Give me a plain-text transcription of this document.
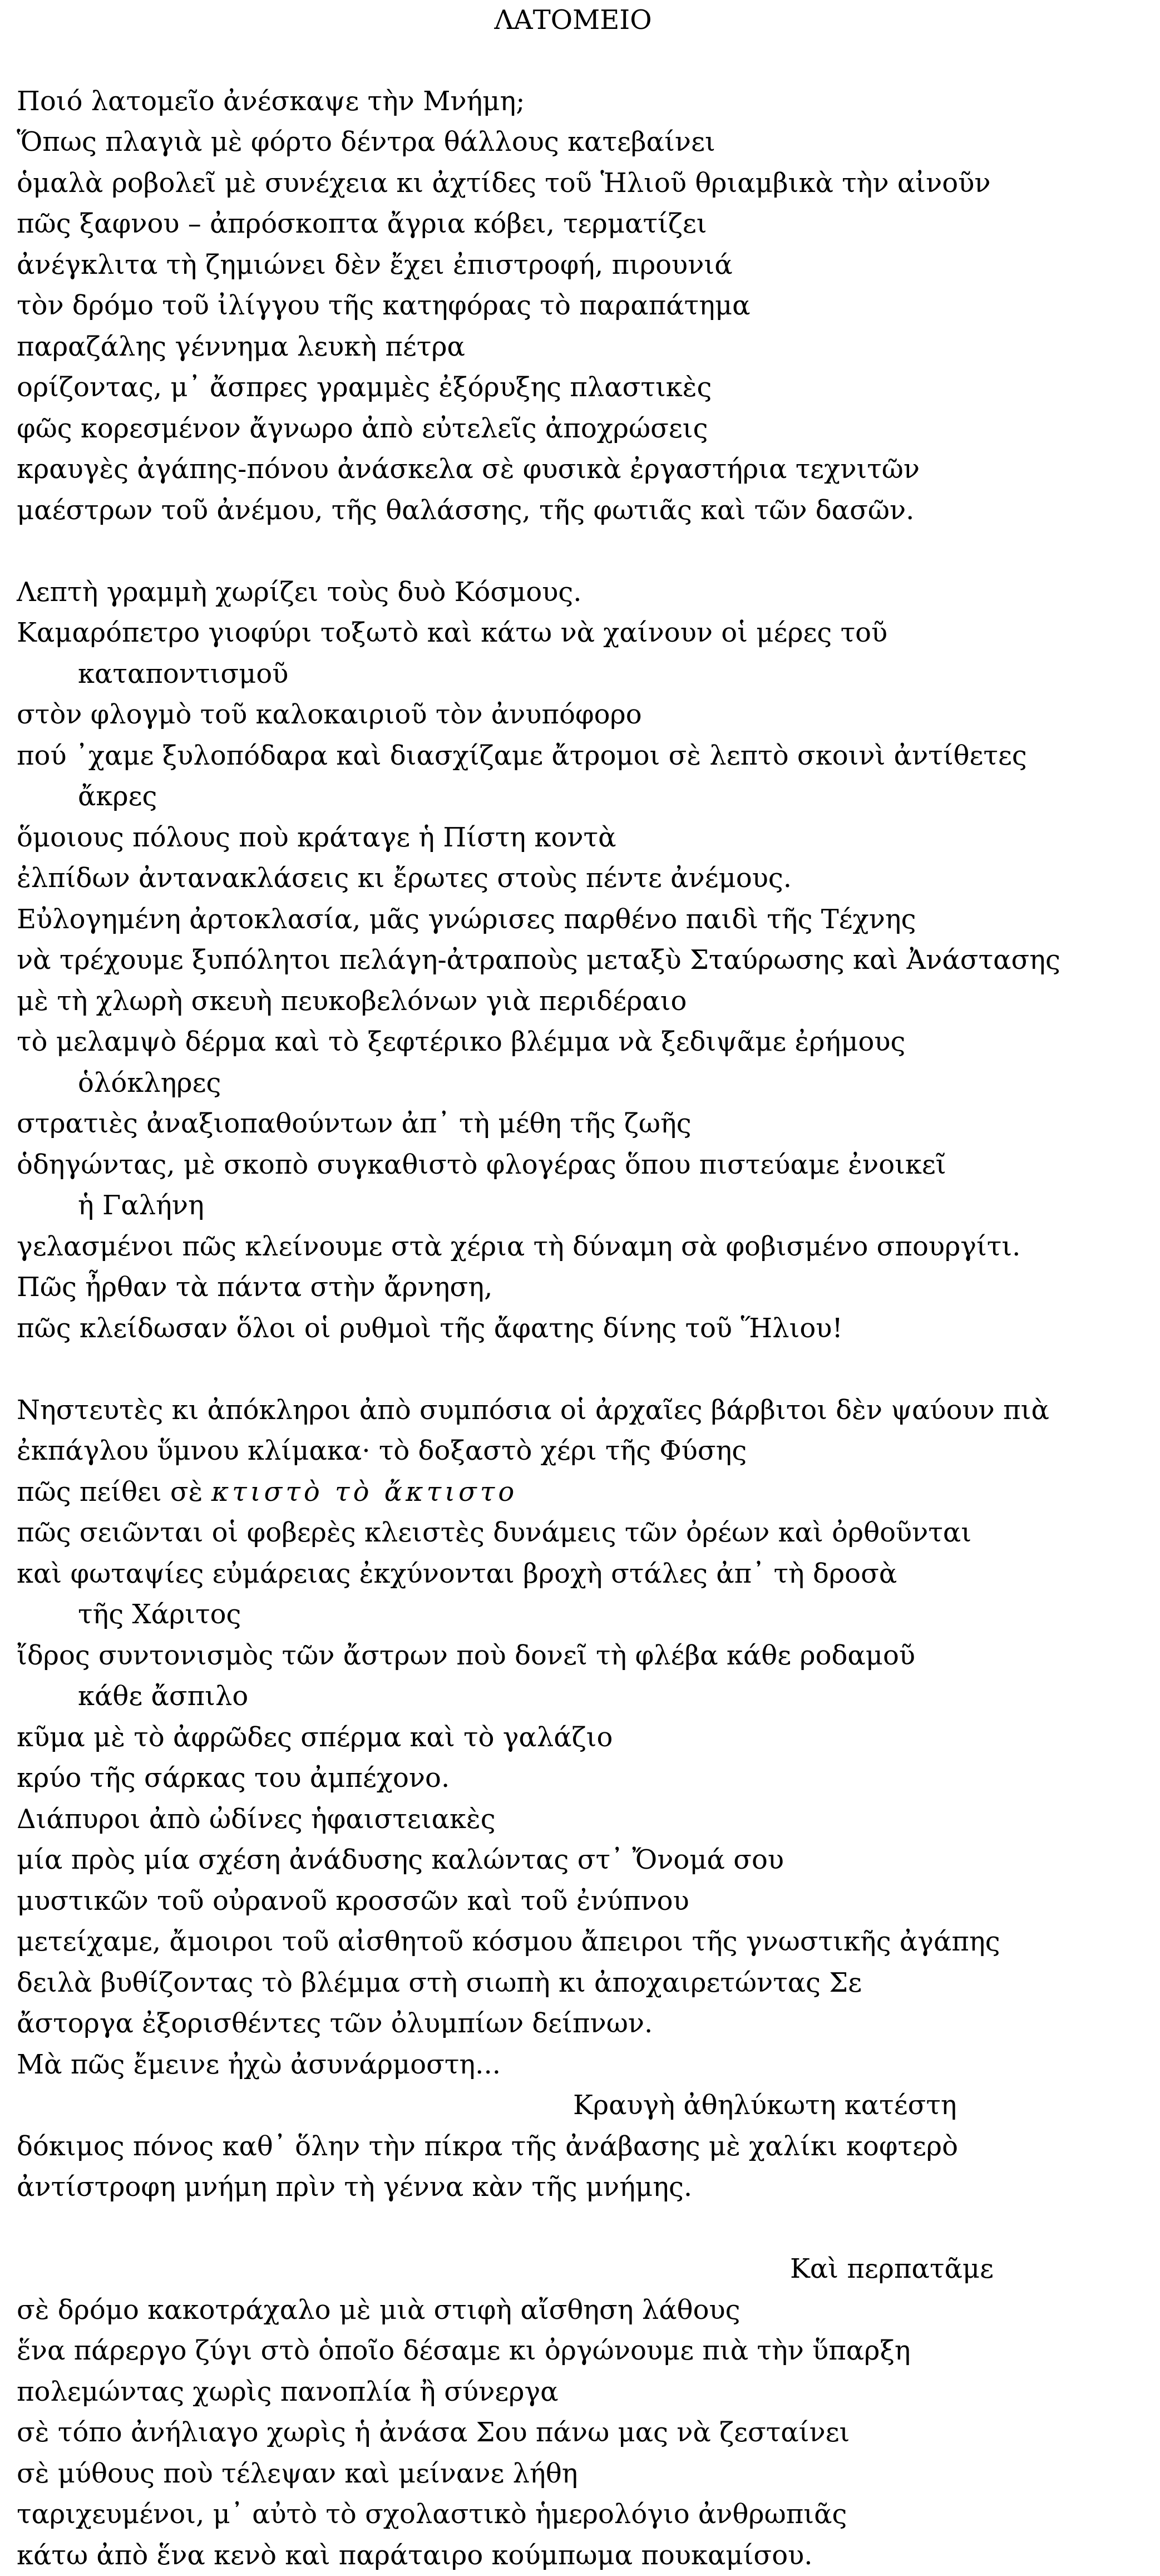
ΛΑΤΟΜΕΙΟ
Ποιό λατομεῖο ἀνέσκαψε τὴν Μνήμη;
Ὅπως πλαγιὰ μὲ φόρτο δέντρα θάλλους κατεβαίνει
ὁμαλὰ ροβολεῖ μὲ συνέχεια κι ἀχτίδες τοῦ Ἡλιοῦ θριαμβικὰ τὴν αἰνοῦν
πῶς ξαφνου – ἀπρόσκοπτα ἄγρια κόβει, τερματίζει
ἀνέγκλιτα τὴ ζημιώνει δὲν ἔχει ἐπιστροφή, πιρουνιά
τὸν δρόμο τοῦ ἰλίγγου τῆς κατηφόρας τὸ παραπάτημα
παραζάλης γέννημα λευκὴ πέτρα
ορίζοντας, μ᾽ ἄσπρες γραμμὲς ἐξόρυξης πλαστικὲς
φῶς κορεσμένον ἄγνωρο ἀπὸ εὐτελεῖς ἀποχρώσεις
κραυγὲς ἀγάπης-πόνου ἀνάσκελα σὲ φυσικὰ ἐργαστήρια τεχνιτῶν
μαέστρων τοῦ ἀνέμου, τῆς θαλάσσης, τῆς φωτιᾶς καὶ τῶν δασῶν.
Λεπτὴ γραμμὴ χωρίζει τοὺς δυὸ Κόσμους.
Καμαρόπετρο γιοφύρι τοξωτὸ καὶ κάτω νὰ χαίνουν οἱ μέρες τοῦ
καταποντισμοῦ
στὸν φλογμὸ τοῦ καλοκαιριοῦ τὸν ἀνυπόφορο
πού ᾽χαμε ξυλοπόδαρα καὶ διασχίζαμε ἄτρομοι σὲ λεπτὸ σκοινὶ ἀντίθετες
ἄκρες
ὅμοιους πόλους ποὺ κράταγε ἡ Πίστη κοντὰ
ἐλπίδων ἀντανακλάσεις κι ἔρωτες στοὺς πέντε ἀνέμους.
Εὐλογημένη ἀρτοκλασία, μᾶς γνώρισες παρθένο παιδὶ τῆς Τέχνης
νὰ τρέχουμε ξυπόλητοι πελάγη-ἀτραποὺς μεταξὺ Σταύρωσης καὶ Ἀνάστασης
μὲ τὴ χλωρὴ σκευὴ πευκοβελόνων γιὰ περιδέραιο
τὸ μελαμψὸ δέρμα καὶ τὸ ξεφτέρικο βλέμμα νὰ ξεδιψᾶμε ἐρήμους
ὁλόκληρες
στρατιὲς ἀναξιοπαθούντων ἀπ᾽ τὴ μέθη τῆς ζωῆς
ὁδηγώντας, μὲ σκοπὸ συγκαθιστὸ φλογέρας ὅπου πιστεύαμε ἐνοικεῖ
ἡ Γαλήνη
γελασμένοι πῶς κλείνουμε στὰ χέρια τὴ δύναμη σὰ φοβισμένο σπουργίτι.
Πῶς ἦρθαν τὰ πάντα στὴν ἄρνηση,
πῶς κλείδωσαν ὅλοι οἱ ρυθμοὶ τῆς ἄφατης δίνης τοῦ Ἥλιου!
Νηστευτὲς κι ἀπόκληροι ἀπὸ συμπόσια οἱ ἀρχαῖες βάρβιτοι δὲν ψαύουν πιὰ
ἐκπάγλου ὕμνου κλίμακα· τὸ δοξαστὸ χέρι τῆς Φύσης
πῶς πείθει σὲ κτιστὸ τὸ ἄκτιστο
πῶς σειῶνται οἱ φοβερὲς κλειστὲς δυνάμεις τῶν ὀρέων καὶ ὀρθοῦνται
καὶ φωταψίες εὐμάρειας ἐκχύνονται βροχὴ στάλες ἀπ᾽ τὴ δροσὰ
τῆς Χάριτος
ἴδρος συντονισμὸς τῶν ἄστρων ποὺ δονεῖ τὴ φλέβα κάθε ροδαμοῦ
κάθε ἄσπιλο
κῦμα μὲ τὸ ἀφρῶδες σπέρμα καὶ τὸ γαλάζιο
κρύο τῆς σάρκας του ἀμπέχονο.
Διάπυροι ἀπὸ ὠδίνες ἡφαιστειακὲς
μία πρὸς μία σχέση ἀνάδυσης καλώντας στ᾽ Ὄνομά σου
μυστικῶν τοῦ οὐρανοῦ κροσσῶν καὶ τοῦ ἐνύπνου
μετείχαμε, ἄμοιροι τοῦ αἰσθητοῦ κόσμου ἄπειροι τῆς γνωστικῆς ἀγάπης
δειλὰ βυθίζοντας τὸ βλέμμα στὴ σιωπὴ κι ἀποχαιρετώντας Σε
ἄστοργα ἐξορισθέντες τῶν ὀλυμπίων δείπνων.
Μὰ πῶς ἔμεινε ἠχὼ ἀσυνάρμοστη...
Κραυγὴ ἀθηλύκωτη κατέστη
δόκιμος πόνος καθ᾽ ὅλην τὴν πίκρα τῆς ἀνάβασης μὲ χαλίκι κοφτερὸ
ἀντίστροφη μνήμη πρὶν τὴ γέννα κὰν τῆς μνήμης.
Καὶ περπατᾶμε
σὲ δρόμο κακοτράχαλο μὲ μιὰ στιφὴ αἴσθηση λάθους
ἕνα πάρεργο ζύγι στὸ ὁποῖο δέσαμε κι ὀργώνουμε πιὰ τὴν ὕπαρξη
πολεμώντας χωρὶς πανοπλία ἢ σύνεργα
σὲ τόπο ἀνήλιαγο χωρὶς ἡ ἀνάσα Σου πάνω μας νὰ ζεσταίνει
σὲ μύθους ποὺ τέλεψαν καὶ μείνανε λήθη
ταριχευμένοι, μ᾽ αὐτὸ τὸ σχολαστικὸ ἡμερολόγιο ἀνθρωπιᾶς
κάτω ἀπὸ ἕνα κενὸ καὶ παράταιρο κούμπωμα πουκαμίσου.
